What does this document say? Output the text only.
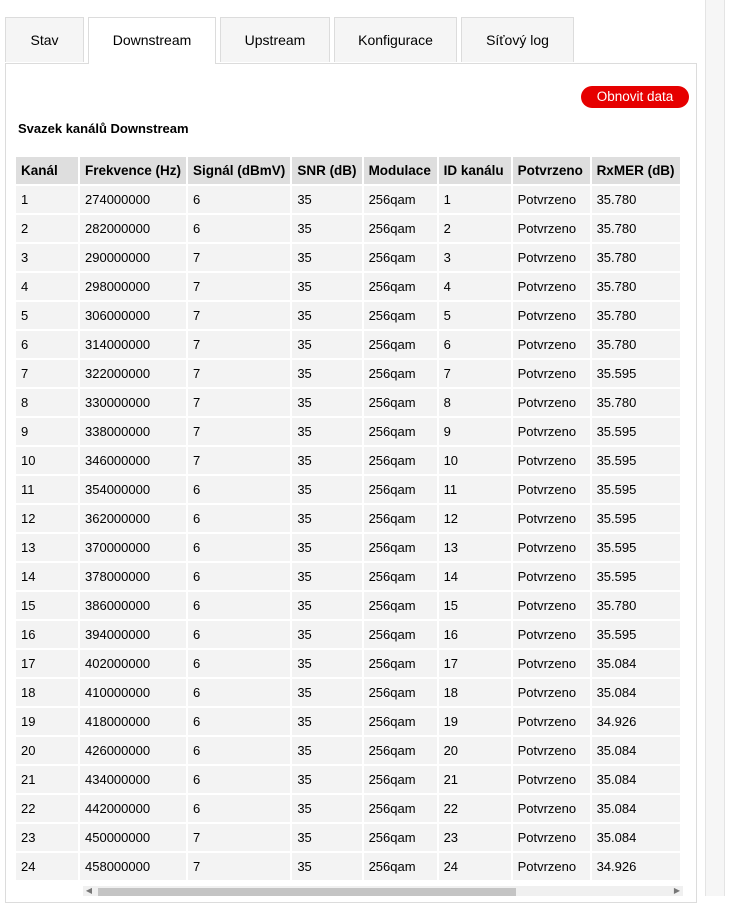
Stav	Downstream	Upstream	Konfigurace	Síťový log
Obnovit data
Svazek kanálů Downstream
Kanál	Frekvence (Hz)	Signál (dBmV)	SNR (dB)	Modulace	ID kanálu	Potvrzeno	RxMER (dB)
1	274000000	6	35	256qam	1	Potvrzeno	35.780
2	282000000	6	35	256qam	2	Potvrzeno	35.780
3	290000000	7	35	256qam	3	Potvrzeno	35.780
4	298000000	7	35	256qam	4	Potvrzeno	35.780
5	306000000	7	35	256qam	5	Potvrzeno	35.780
6	314000000	7	35	256qam	6	Potvrzeno	35.780
7	322000000	7	35	256qam	7	Potvrzeno	35.595
8	330000000	7	35	256qam	8	Potvrzeno	35.780
9	338000000	7	35	256qam	9	Potvrzeno	35.595
10	346000000	7	35	256qam	10	Potvrzeno	35.595
11	354000000	6	35	256qam	11	Potvrzeno	35.595
12	362000000	6	35	256qam	12	Potvrzeno	35.595
13	370000000	6	35	256qam	13	Potvrzeno	35.595
14	378000000	6	35	256qam	14	Potvrzeno	35.595
15	386000000	6	35	256qam	15	Potvrzeno	35.780
16	394000000	6	35	256qam	16	Potvrzeno	35.595
17	402000000	6	35	256qam	17	Potvrzeno	35.084
18	410000000	6	35	256qam	18	Potvrzeno	35.084
19	418000000	6	35	256qam	19	Potvrzeno	34.926
20	426000000	6	35	256qam	20	Potvrzeno	35.084
21	434000000	6	35	256qam	21	Potvrzeno	35.084
22	442000000	6	35	256qam	22	Potvrzeno	35.084
23	450000000	7	35	256qam	23	Potvrzeno	35.084
24	458000000	7	35	256qam	24	Potvrzeno	34.926
◀	▶
